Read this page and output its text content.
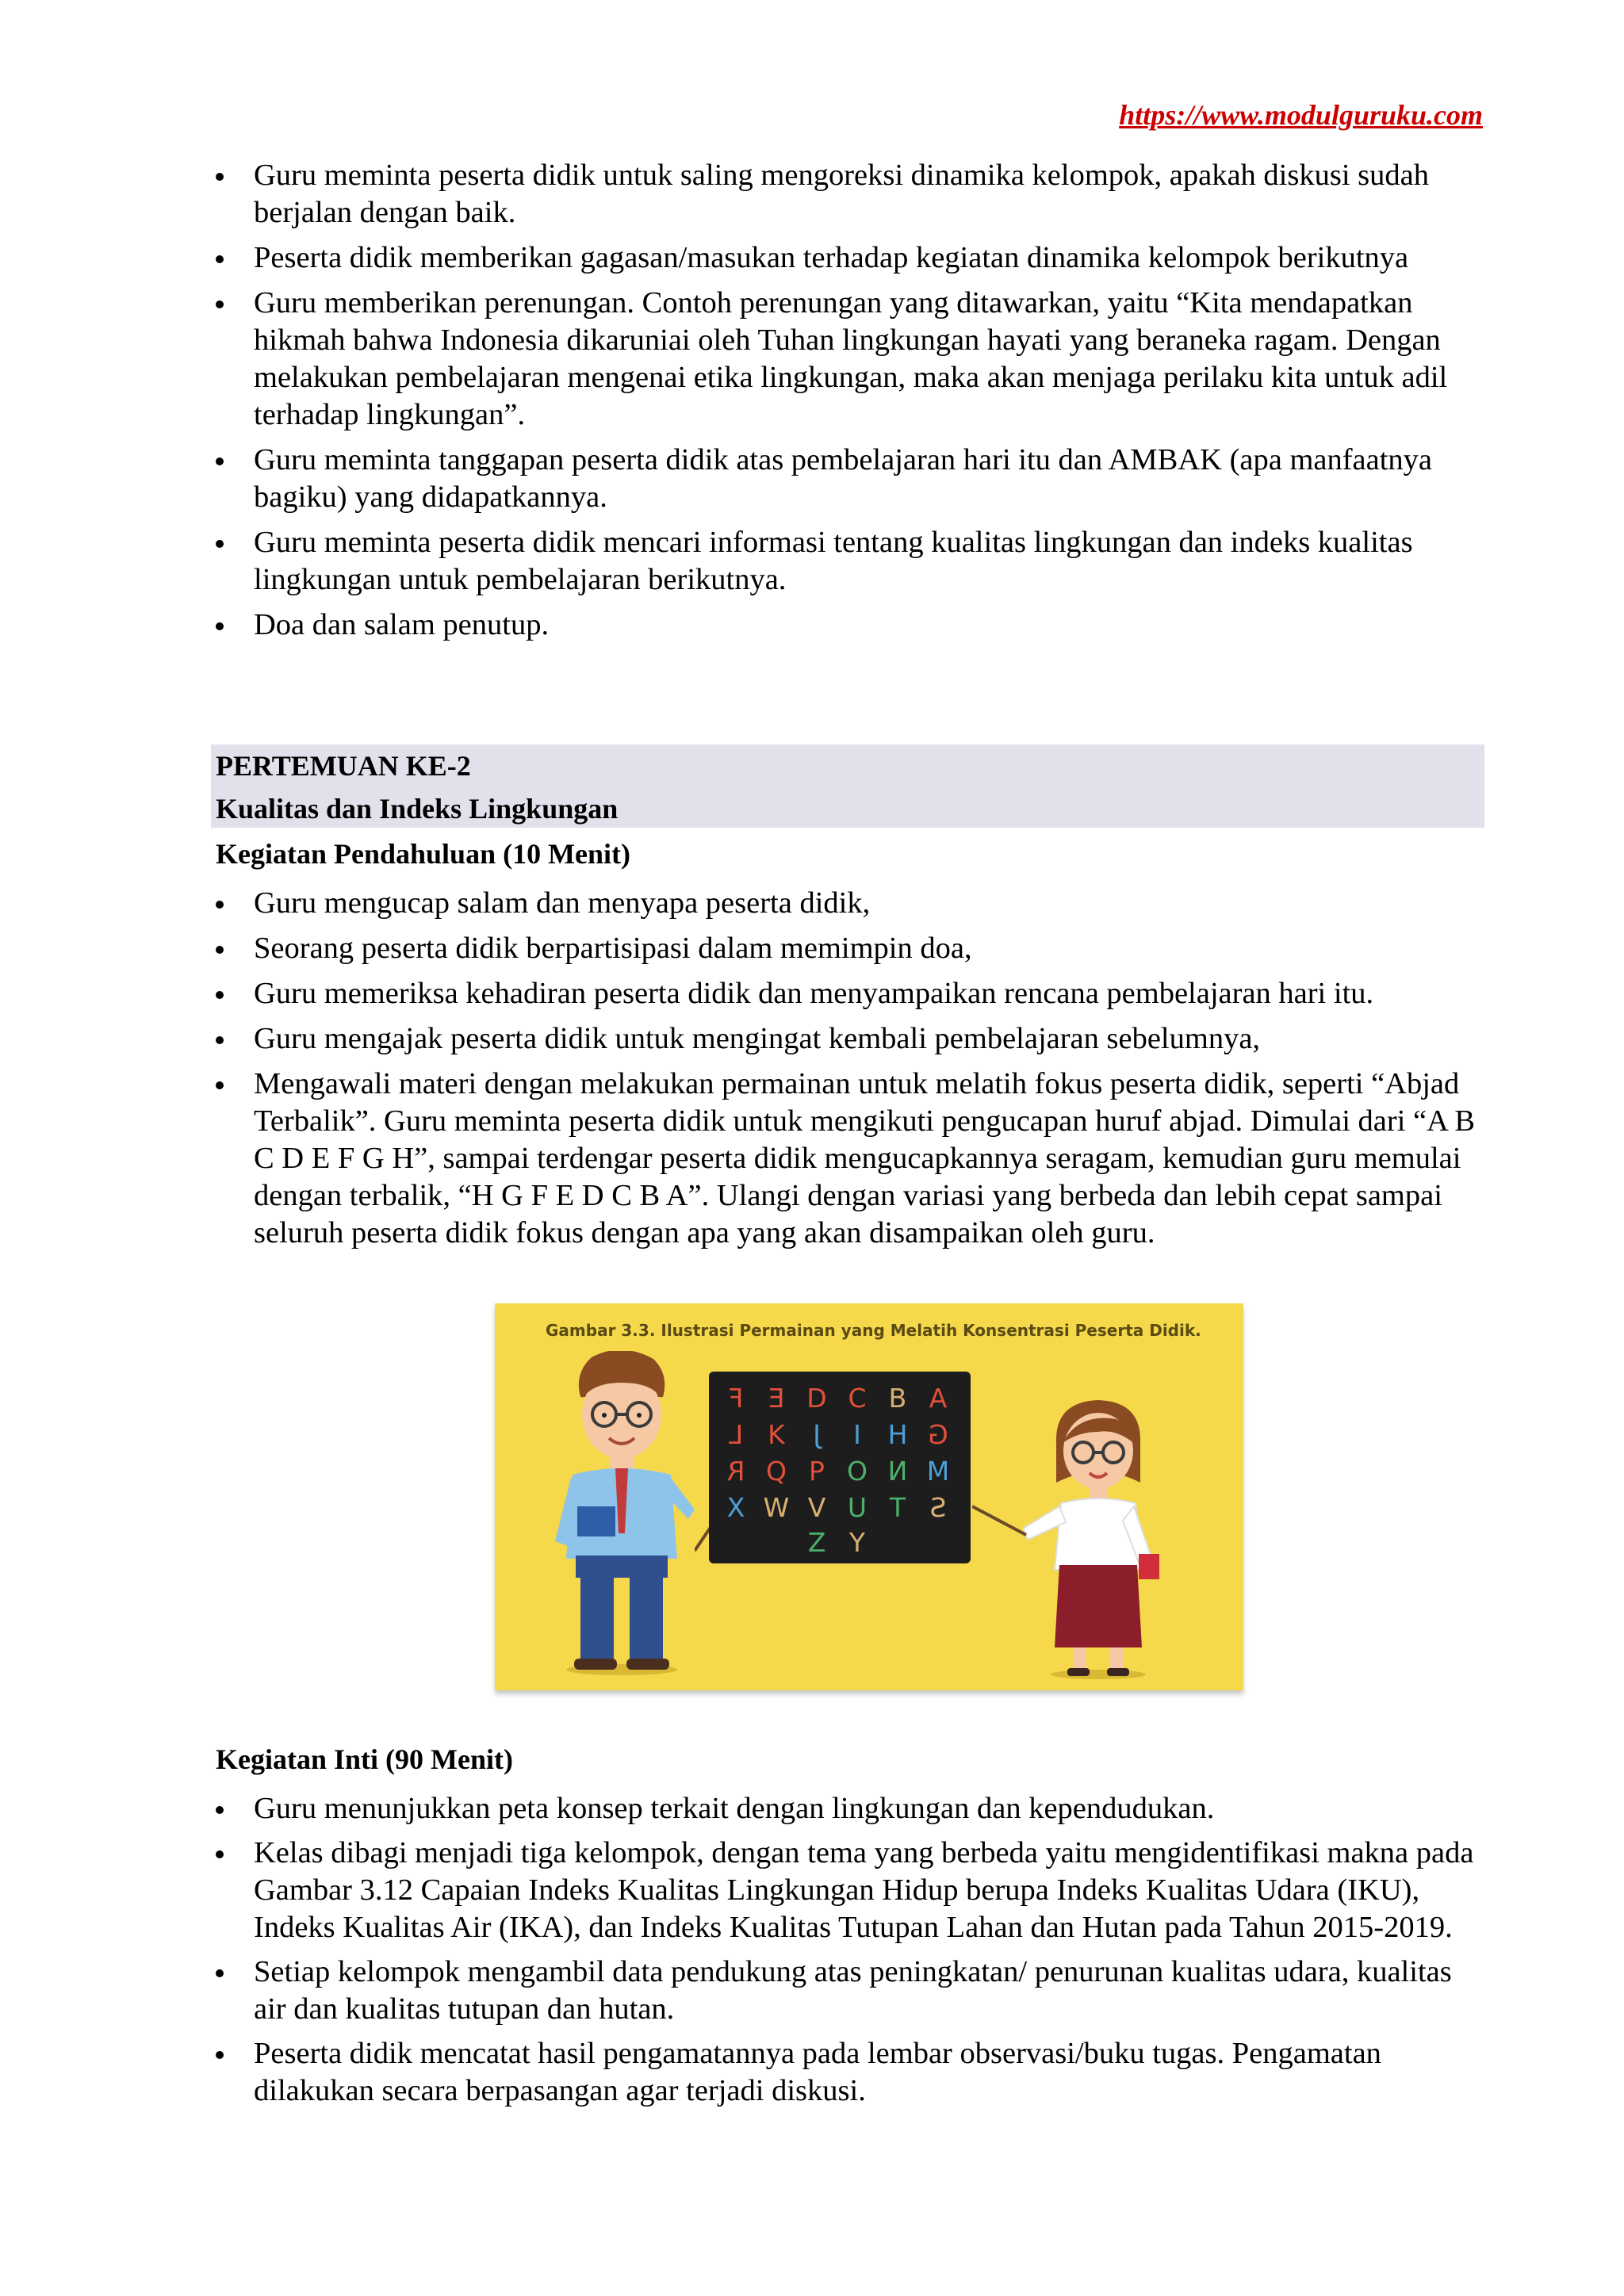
https://www.modulguruku.com
Guru meminta peserta didik untuk saling mengoreksi dinamika kelompok, apakah diskusi sudah berjalan dengan baik.
Peserta didik memberikan gagasan/masukan terhadap kegiatan dinamika kelompok berikutnya
Guru memberikan perenungan. Contoh perenungan yang ditawarkan, yaitu “Kita mendapatkan hikmah bahwa Indonesia dikaruniai oleh Tuhan lingkungan hayati yang beraneka ragam. Dengan melakukan pembelajaran mengenai etika lingkungan, maka akan menjaga perilaku kita untuk adil terhadap lingkungan”.
Guru meminta tanggapan peserta didik atas pembelajaran hari itu dan AMBAK (apa manfaatnya bagiku) yang didapatkannya.
Guru meminta peserta didik mencari informasi tentang kualitas lingkungan dan indeks kualitas lingkungan untuk pembelajaran berikutnya.
Doa dan salam penutup.
PERTEMUAN KE-2
Kualitas dan Indeks Lingkungan
Kegiatan Pendahuluan (10 Menit)
Guru mengucap salam dan menyapa peserta didik,
Seorang peserta didik berpartisipasi dalam memimpin doa,
Guru memeriksa kehadiran peserta didik dan menyampaikan rencana pembelajaran hari itu.
Guru mengajak peserta didik untuk mengingat kembali pembelajaran sebelumnya,
Mengawali materi dengan melakukan permainan untuk melatih fokus peserta didik, seperti “Abjad Terbalik”. Guru meminta peserta didik untuk mengikuti pengucapan huruf abjad. Dimulai dari “A B C D E F G H”, sampai terdengar peserta didik mengucapkannya seragam, kemudian guru memulai dengan terbalik, “H G F E D C B A”. Ulangi dengan variasi yang berbeda dan lebih cepat sampai seluruh peserta didik fokus dengan apa yang akan disampaikan oleh guru.
Gambar 3.3. Ilustrasi Permainan yang Melatih Konsentrasi Peserta Didik.
F E D C B A
L K	J	I	H G
R Q P O N M
X W V U T S
Z Y
Kegiatan Inti (90 Menit)
Guru menunjukkan peta konsep terkait dengan lingkungan dan kependudukan.
Kelas dibagi menjadi tiga kelompok, dengan tema yang berbeda yaitu mengidentifikasi makna pada Gambar 3.12 Capaian Indeks Kualitas Lingkungan Hidup berupa Indeks Kualitas Udara (IKU), Indeks Kualitas Air (IKA), dan Indeks Kualitas Tutupan Lahan dan Hutan pada Tahun 2015-2019.
Setiap kelompok mengambil data pendukung atas peningkatan/ penurunan kualitas udara, kualitas air dan kualitas tutupan dan hutan.
Peserta didik mencatat hasil pengamatannya pada lembar observasi/buku tugas. Pengamatan dilakukan secara berpasangan agar terjadi diskusi.
